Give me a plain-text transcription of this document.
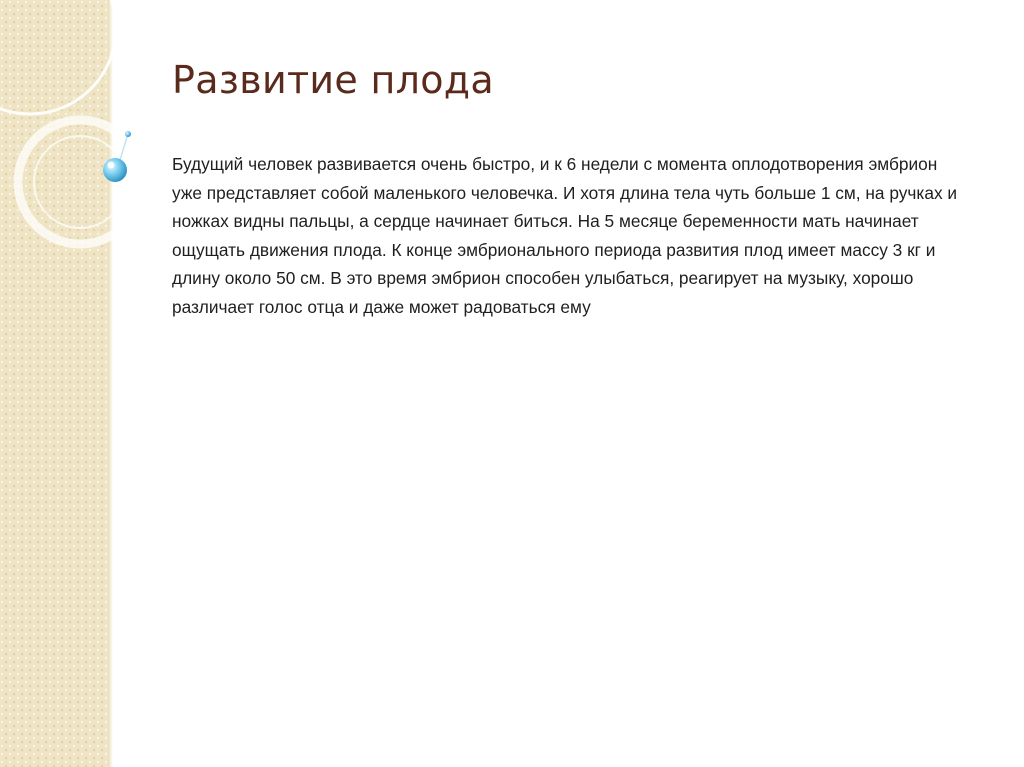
Развитие плода

Будущий человек развивается очень быстро, и к 6 недели с момента оплодотворения эмбрион уже представляет собой маленького человечка. И хотя длина тела чуть больше 1 см, на ручках и ножках видны пальцы, а сердце начинает биться. На 5 месяце беременности мать начинает ощущать движения плода. К конце эмбрионального периода развития плод имеет массу 3 кг и длину около 50 см. В это время эмбрион способен улыбаться, реагирует на музыку, хорошо различает голос отца и даже может радоваться ему
